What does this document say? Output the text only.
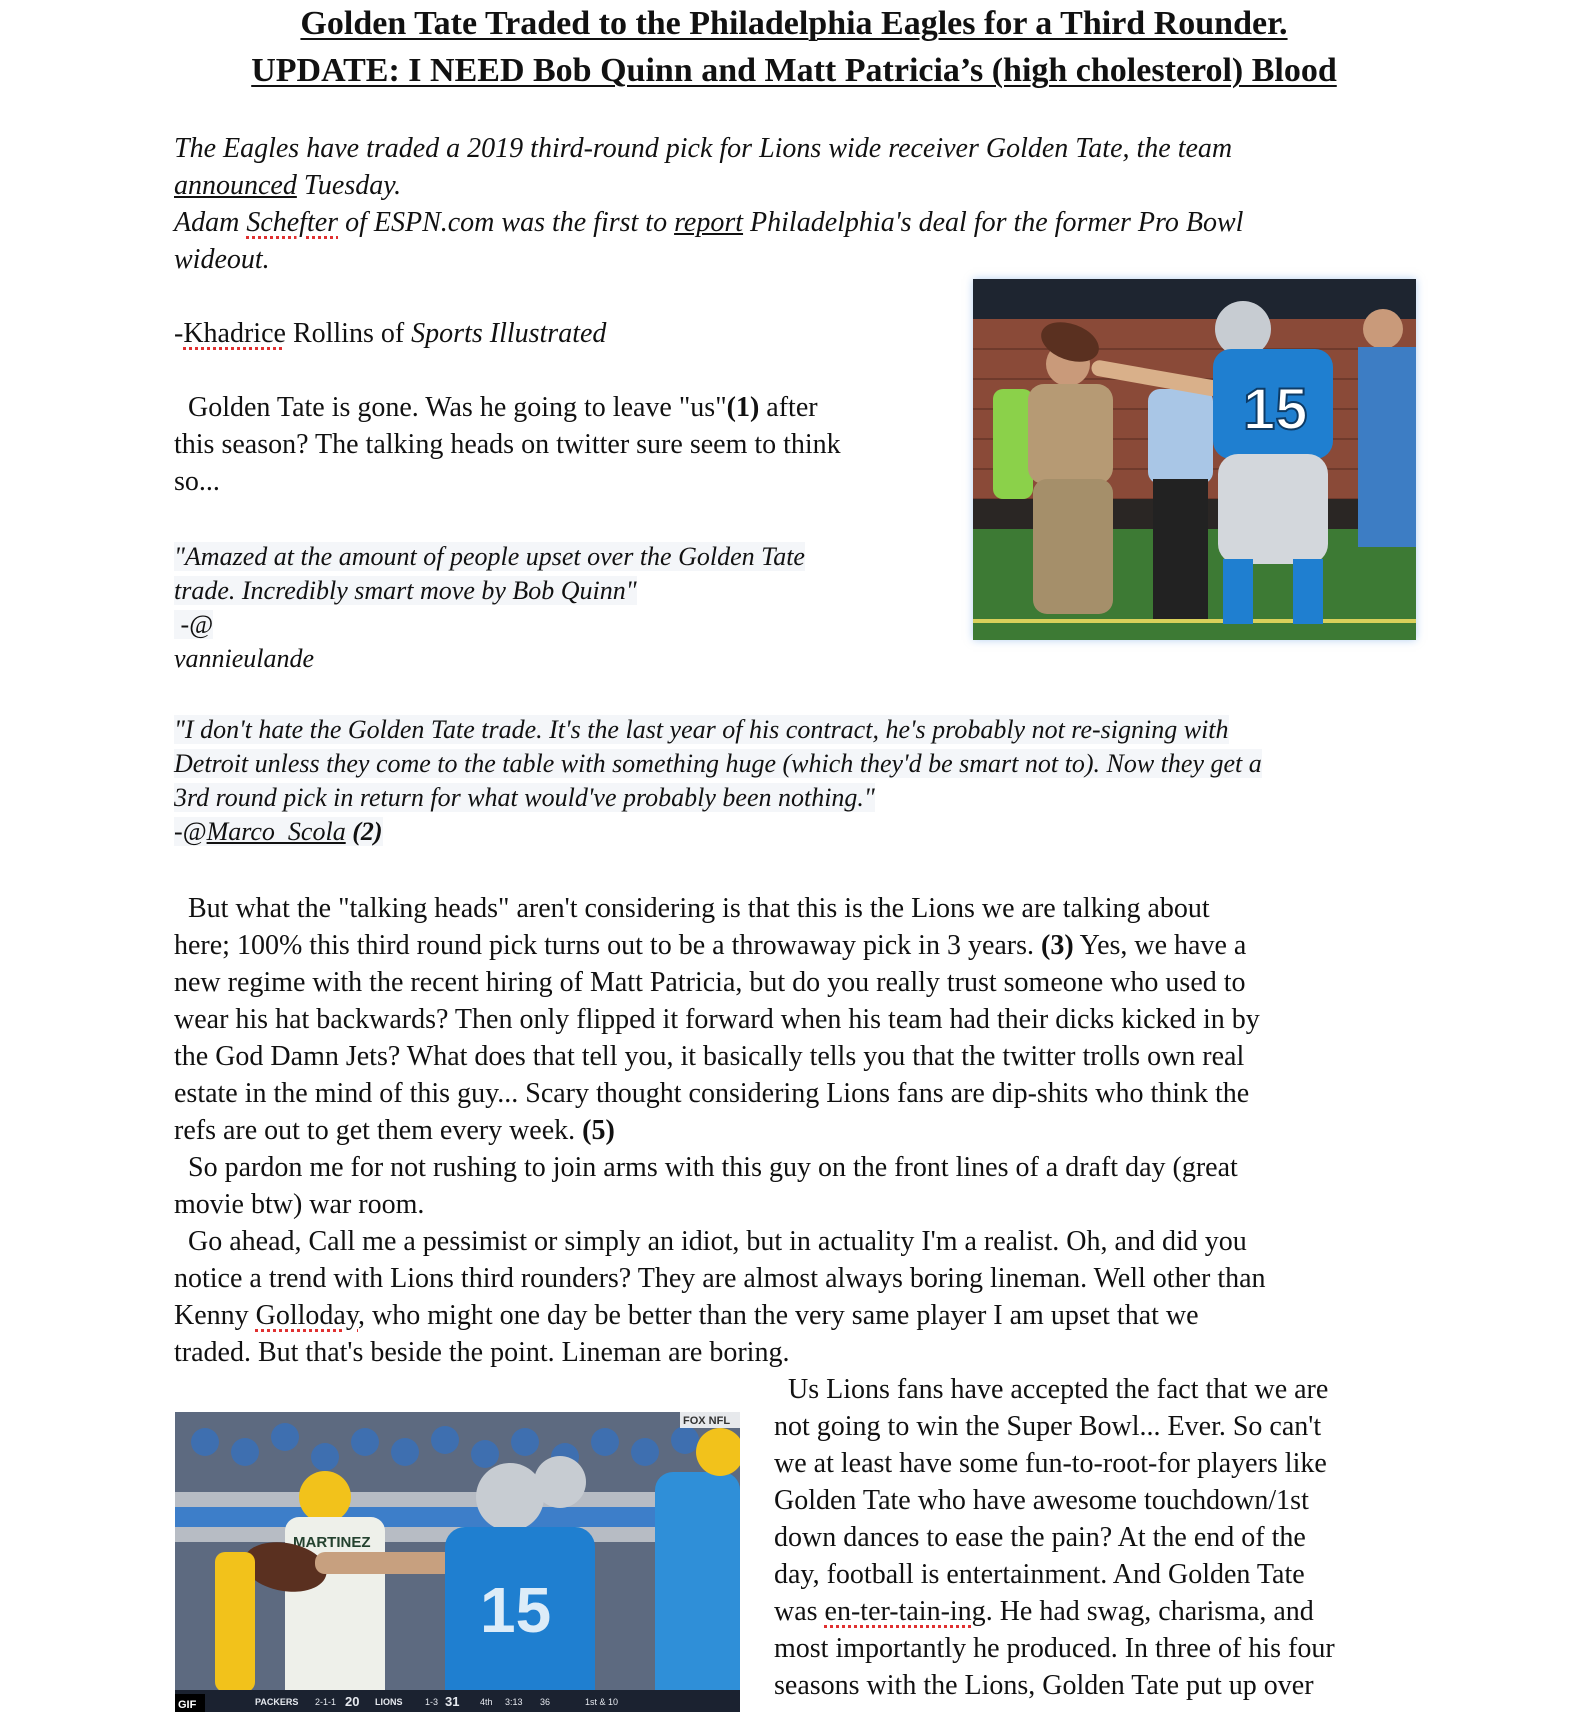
Golden Tate Traded to the Philadelphia Eagles for a Third Rounder.
UPDATE: I NEED Bob Quinn and Matt Patricia’s (high cholesterol) Blood

The Eagles have traded a 2019 third-round pick for Lions wide receiver Golden Tate, the team

announced Tuesday.

Adam Schefter of ESPN.com was the first to report Philadelphia's deal for the former Pro Bowl

wideout.

-Khadrice Rollins of Sports Illustrated

Golden Tate is gone. Was he going to leave "us"(1) after

this season? The talking heads on twitter sure seem to think

so...

"Amazed at the amount of people upset over the Golden Tate

trade. Incredibly smart move by Bob Quinn"

-@

vannieulande

"I don't hate the Golden Tate trade. It's the last year of his contract, he's probably not re-signing with

Detroit unless they come to the table with something huge (which they'd be smart not to). Now they get a

3rd round pick in return for what would've probably been nothing."

-@Marco_Scola (2)

But what the "talking heads" aren't considering is that this is the Lions we are talking about

here; 100% this third round pick turns out to be a throwaway pick in 3 years. (3) Yes, we have a

new regime with the recent hiring of Matt Patricia, but do you really trust someone who used to

wear his hat backwards? Then only flipped it forward when his team had their dicks kicked in by

the God Damn Jets? What does that tell you, it basically tells you that the twitter trolls own real

estate in the mind of this guy... Scary thought considering Lions fans are dip-shits who think the

refs are out to get them every week. (5)

So pardon me for not rushing to join arms with this guy on the front lines of a draft day (great

movie btw) war room.

Go ahead, Call me a pessimist or simply an idiot, but in actuality I'm a realist. Oh, and did you

notice a trend with Lions third rounders? They are almost always boring lineman. Well other than

Kenny Golloday, who might one day be better than the very same player I am upset that we

traded. But that's beside the point. Lineman are boring.

Us Lions fans have accepted the fact that we are

not going to win the Super Bowl... Ever. So can't

we at least have some fun-to-root-for players like

Golden Tate who have awesome touchdown/1st

down dances to ease the pain? At the end of the

day, football is entertainment. And Golden Tate

was en-ter-tain-ing. He had swag, charisma, and

most importantly he produced. In three of his four

seasons with the Lions, Golden Tate put up over

15
MARTINEZ
15
FOX NFL
GIF	PACKERS 2-1-1 20 LIONS 1-3 31 4th 3:13 36	1st & 10
